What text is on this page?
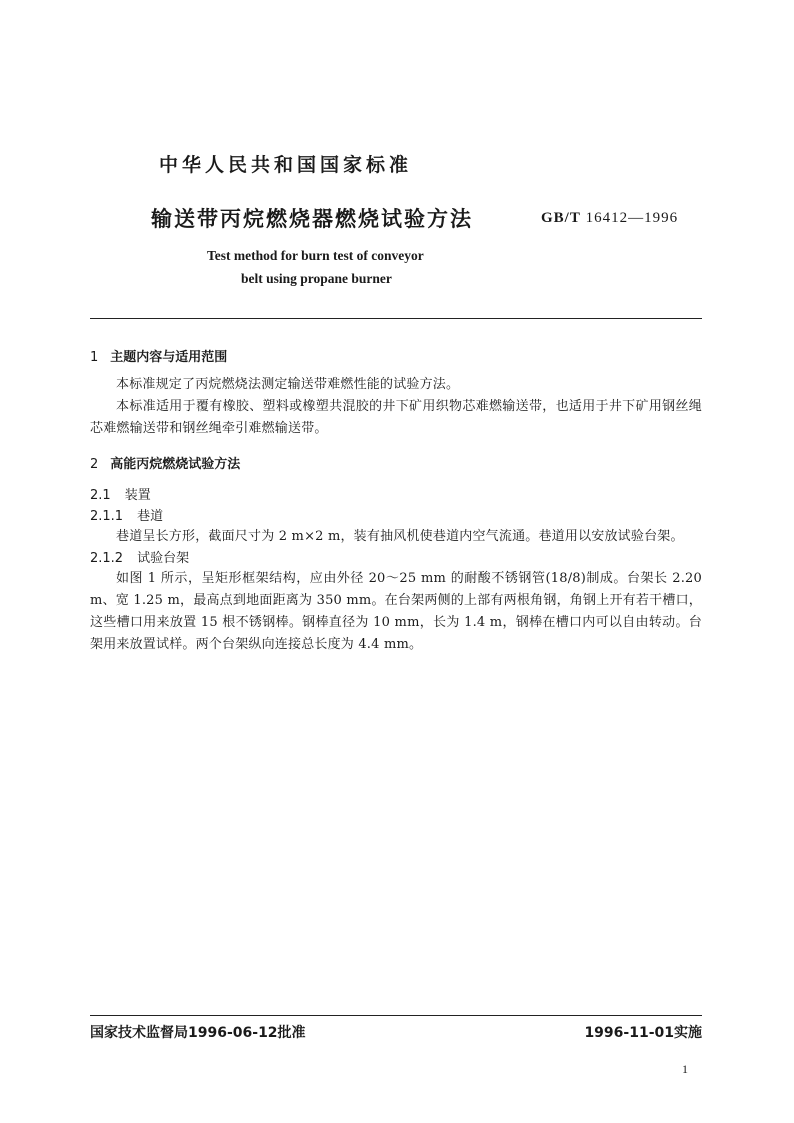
中华人民共和国国家标准
输送带丙烷燃烧器燃烧试验方法	GB/T 16412—1996
Test method for burn test of conveyor
belt using propane burner
1 主题内容与适用范围
本标准规定了丙烷燃烧法测定输送带难燃性能的试验方法。
本标准适用于覆有橡胶、塑料或橡塑共混胶的井下矿用织物芯难燃输送带，也适用于井下矿用钢丝绳芯难燃输送带和钢丝绳牵引难燃输送带。
2 高能丙烷燃烧试验方法
2.1 装置
2.1.1 巷道
巷道呈长方形，截面尺寸为 2 m×2 m，装有抽风机使巷道内空气流通。巷道用以安放试验台架。
2.1.2 试验台架
如图 1 所示，呈矩形框架结构，应由外径 20～25 mm 的耐酸不锈钢管(18/8)制成。台架长 2.20 m、宽 1.25 m，最高点到地面距离为 350 mm。在台架两侧的上部有两根角钢，角钢上开有若干槽口，这些槽口用来放置 15 根不锈钢棒。钢棒直径为 10 mm，长为 1.4 m，钢棒在槽口内可以自由转动。台架用来放置试样。两个台架纵向连接总长度为 4.4 mm。
国家技术监督局1996-06-12批准	1996-11-01实施
1
